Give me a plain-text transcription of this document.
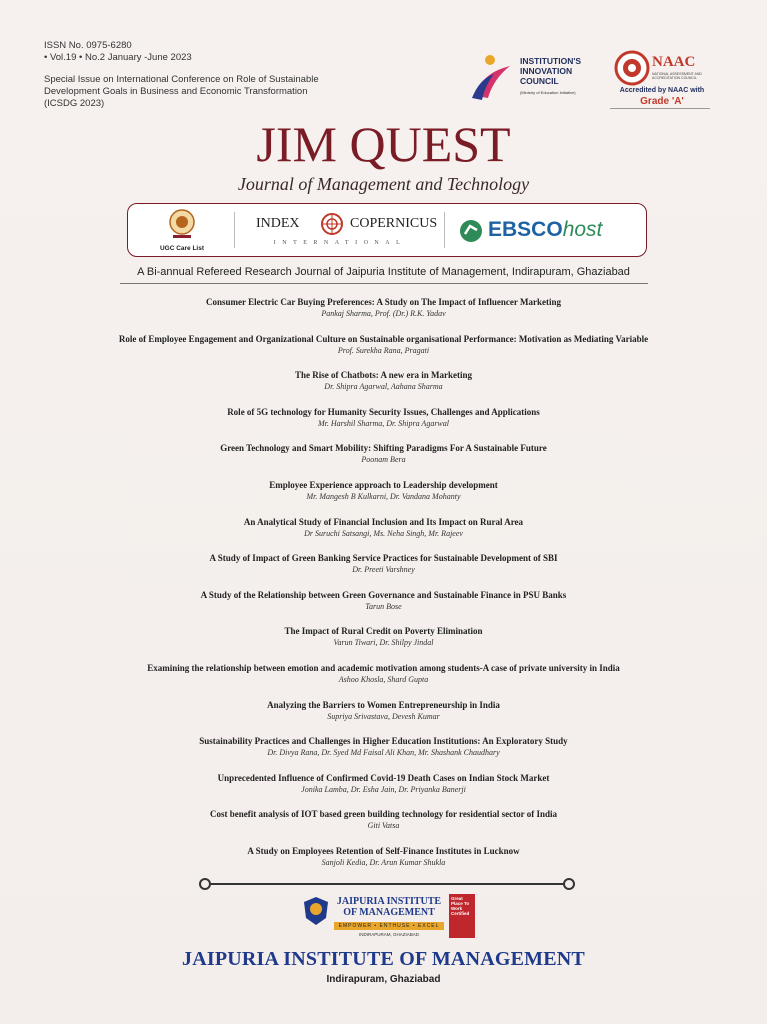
ISSN No. 0975-6280
• Vol.19 • No.2 January -June 2023
Special Issue on International Conference on Role of Sustainable
Development Goals in Business and Economic Transformation
(ICSDG 2023)
INSTITUTION'S
INNOVATION
COUNCIL
(Ministry of Education Initiative)
NAAC
NATIONAL ASSESSMENT AND ACCREDITATION COUNCIL
Accredited by NAAC with
Grade 'A'
JIM QUEST
Journal of Management and Technology
UGC Care List
INDEX	COPERNICUS
INTERNATIONAL
EBSCOhost
A Bi-annual Refereed Research Journal of Jaipuria Institute of Management, Indirapuram, Ghaziabad
Consumer Electric Car Buying Preferences: A Study on The Impact of Influencer Marketing
Pankaj Sharma, Prof. (Dr.) R.K. Yadav
Role of Employee Engagement and Organizational Culture on Sustainable organisational Performance: Motivation as Mediating Variable
Prof. Surekha Rana, Pragati
The Rise of Chatbots: A new era in Marketing
Dr. Shipra Agarwal, Aahana Sharma
Role of 5G technology for Humanity Security Issues, Challenges and Applications
Mr. Harshil Sharma, Dr. Shipra Agarwal
Green Technology and Smart Mobility: Shifting Paradigms For A Sustainable Future
Poonam Bera
Employee Experience approach to Leadership development
Mr. Mangesh B Kulkarni, Dr. Vandana Mohanty
An Analytical Study of Financial Inclusion and Its Impact on Rural Area
Dr Suruchi Satsangi, Ms. Neha Singh, Mr. Rajeev
A Study of Impact of Green Banking Service Practices for Sustainable Development of SBI
Dr. Preeti Varshney
A Study of the Relationship between Green Governance and Sustainable Finance in PSU Banks
Tarun Bose
The Impact of Rural Credit on Poverty Elimination
Varun Tiwari, Dr. Shilpy Jindal
Examining the relationship between emotion and academic motivation among students-A case of private university in India
Ashoo Khosla, Shard Gupta
Analyzing the Barriers to Women Entrepreneurship in India
Supriya Srivastava, Devesh Kumar
Sustainability Practices and Challenges in Higher Education Institutions: An Exploratory Study
Dr. Divya Rana, Dr. Syed Md Faisal Ali Khan, Mr. Shashank Chaudhary
Unprecedented Influence of Confirmed Covid-19 Death Cases on Indian Stock Market
Jonika Lamba, Dr. Esha Jain, Dr. Priyanka Banerji
Cost benefit analysis of IOT based green building technology for residential sector of India
Giti Vatsa
A Study on Employees Retention of Self-Finance Institutes in Lucknow
Sanjoli Kedia, Dr. Arun Kumar Shukla
JAIPURIA INSTITUTE
OF MANAGEMENT
EMPOWER • ENTHUSE • EXCEL
INDIRAPURAM, GHAZIABAD
Great Place To Work Certified
JAIPURIA INSTITUTE OF MANAGEMENT
Indirapuram, Ghaziabad
